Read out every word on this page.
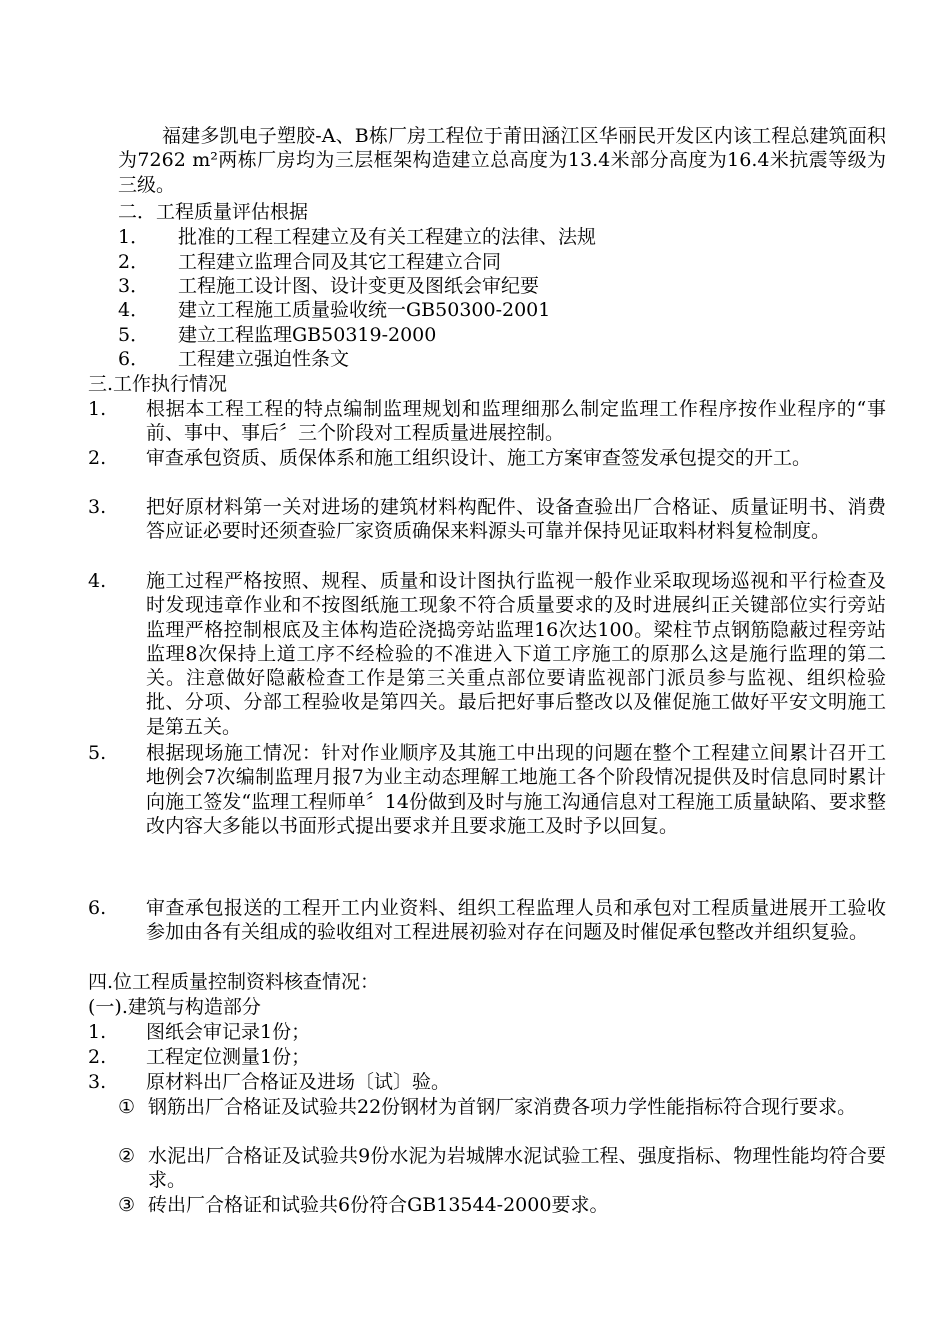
福建多凯电子塑胶-A、B栋厂房工程位于莆田涵江区华丽民开发区内该工程总建筑面积为7262 m²两栋厂房均为三层框架构造建立总高度为13.4米部分高度为16.4米抗震等级为三级。
二．工程质量评估根据
1． 批准的工程工程建立及有关工程建立的法律、法规
2． 工程建立监理合同及其它工程建立合同
3． 工程施工设计图、设计变更及图纸会审纪要
4． 建立工程施工质量验收统一GB50300-2001
5． 建立工程监理GB50319-2000
6． 工程建立强迫性条文
三.工作执行情况
1. 根据本工程工程的特点编制监理规划和监理细那么制定监理工作程序按作业程序的“事前、事中、事后〞三个阶段对工程质量进展控制。
2. 审查承包资质、质保体系和施工组织设计、施工方案审查签发承包提交的开工。
3. 把好原材料第一关对进场的建筑材料构配件、设备查验出厂合格证、质量证明书、消费答应证必要时还须查验厂家资质确保来料源头可靠并保持见证取料材料复检制度。
4. 施工过程严格按照、规程、质量和设计图执行监视一般作业采取现场巡视和平行检查及时发现违章作业和不按图纸施工现象不符合质量要求的及时进展纠正关键部位实行旁站监理严格控制根底及主体构造砼浇捣旁站监理16次达100。梁柱节点钢筋隐蔽过程旁站监理8次保持上道工序不经检验的不准进入下道工序施工的原那么这是施行监理的第二关。注意做好隐蔽检查工作是第三关重点部位要请监视部门派员参与监视、组织检验批、分项、分部工程验收是第四关。最后把好事后整改以及催促施工做好平安文明施工是第五关。
5. 根据现场施工情况：针对作业顺序及其施工中出现的问题在整个工程建立间累计召开工地例会7次编制监理月报7为业主动态理解工地施工各个阶段情况提供及时信息同时累计向施工签发“监理工程师单〞14份做到及时与施工沟通信息对工程施工质量缺陷、要求整改内容大多能以书面形式提出要求并且要求施工及时予以回复。
6. 审查承包报送的工程开工内业资料、组织工程监理人员和承包对工程质量进展开工验收参加由各有关组成的验收组对工程进展初验对存在问题及时催促承包整改并组织复验。
四.位工程质量控制资料核查情况：
(一).建筑与构造部分
1. 图纸会审记录1份；
2. 工程定位测量1份；
3. 原材料出厂合格证及进场〔试〕验。
① 钢筋出厂合格证及试验共22份钢材为首钢厂家消费各项力学性能指标符合现行要求。
② 水泥出厂合格证及试验共9份水泥为岩城牌水泥试验工程、强度指标、物理性能均符合要求。
③ 砖出厂合格证和试验共6份符合GB13544-2000要求。
